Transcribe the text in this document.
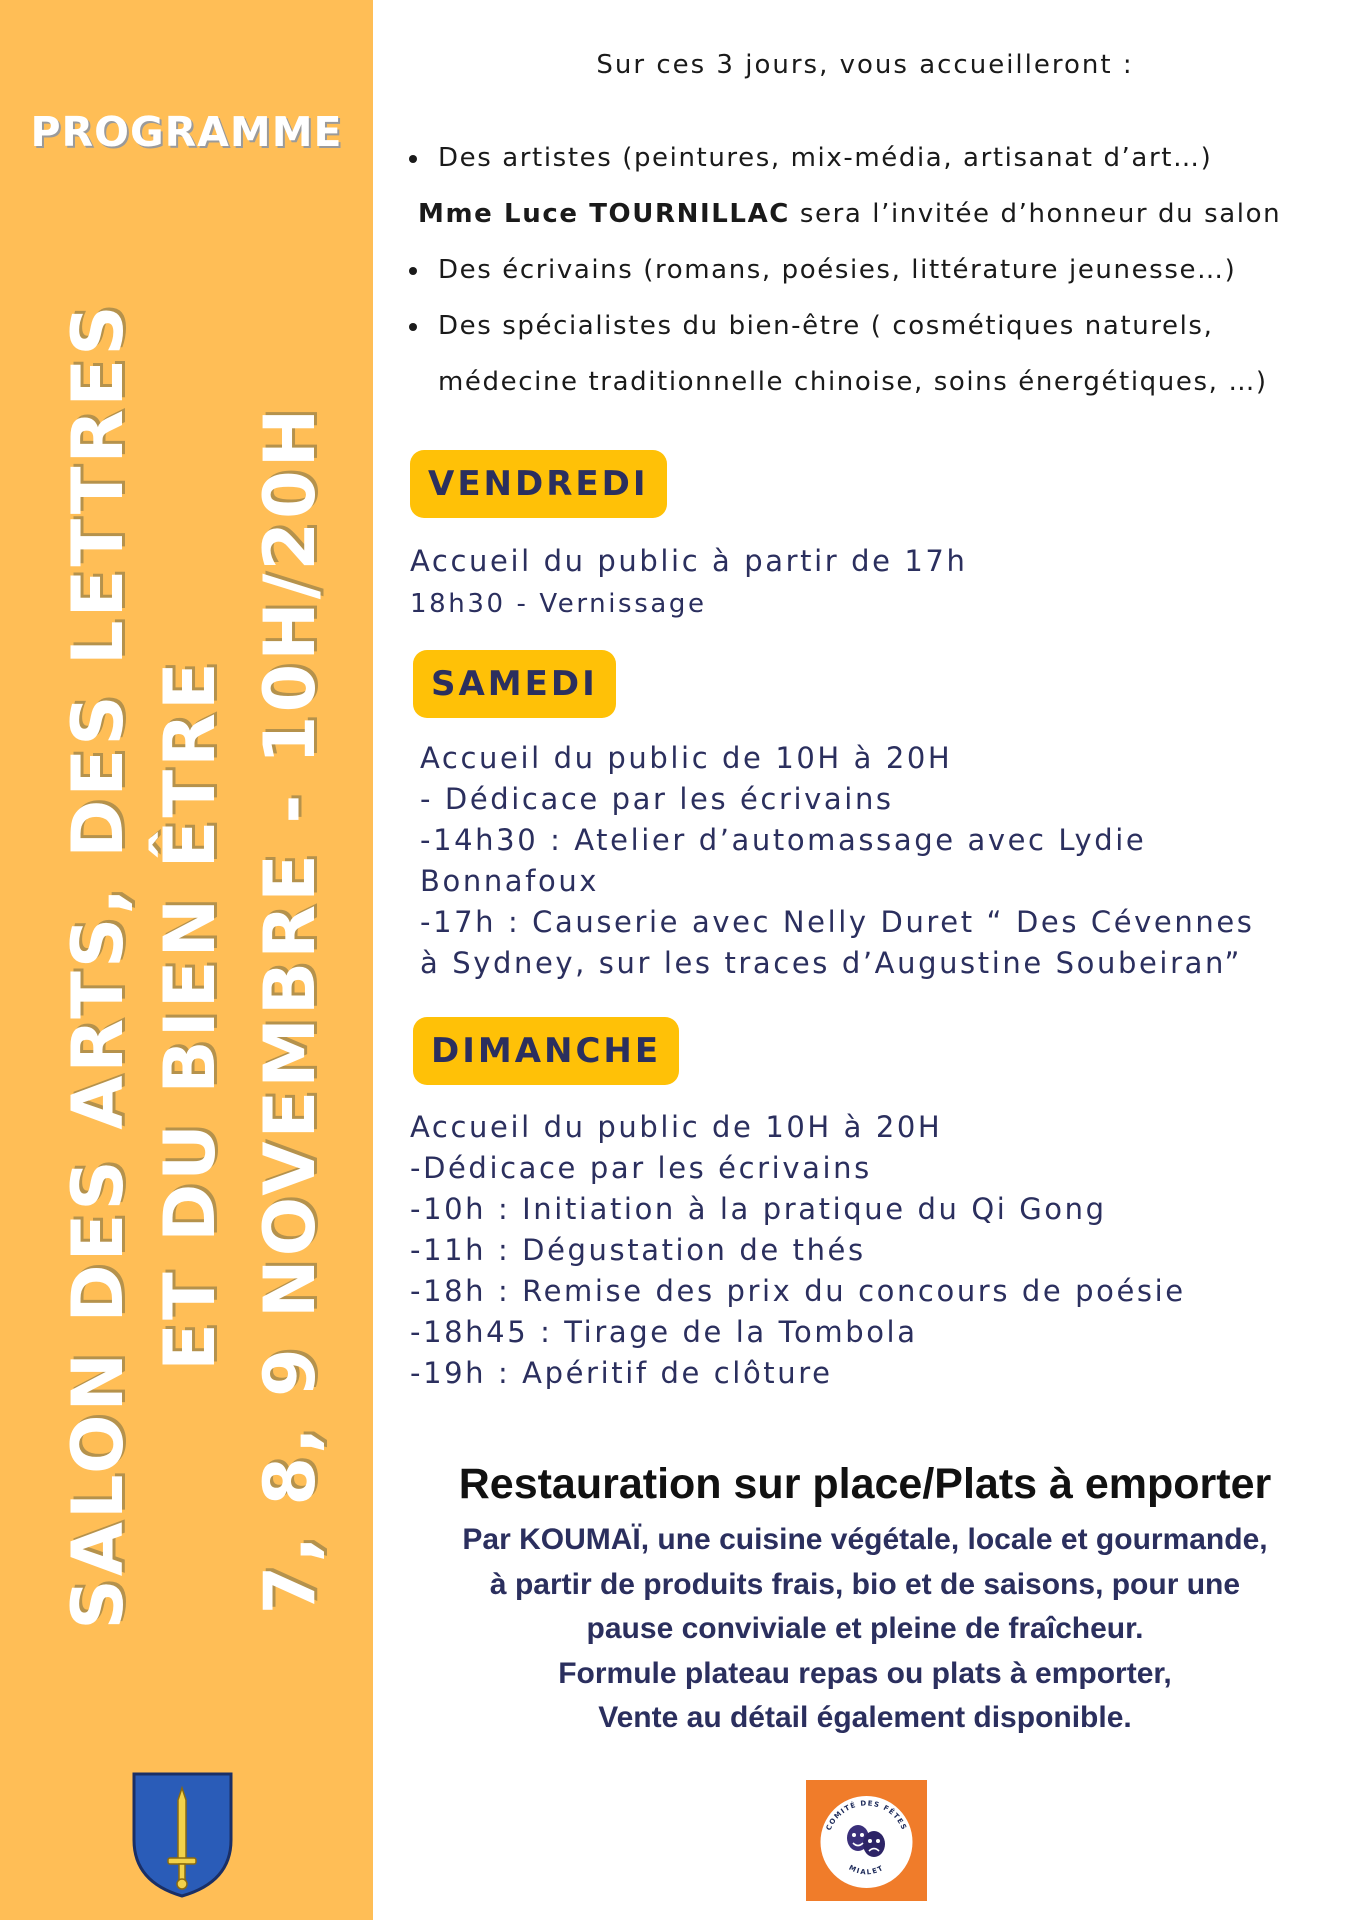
PROGRAMME
SALON DES ARTS, DES LETTRES ET DU BIEN ÊTRE 7, 8, 9 NOVEMBRE - 10H/20H
Sur ces 3 jours, vous accueilleront :
Des artistes (peintures, mix-média, artisanat d’art…)
Mme Luce TOURNILLAC sera l’invitée d’honneur du salon
Des écrivains (romans, poésies, littérature jeunesse…)
Des spécialistes du bien-être ( cosmétiques naturels,
médecine traditionnelle chinoise, soins énergétiques, …)
VENDREDI
Accueil du public à partir de 17h
18h30 - Vernissage
SAMEDI
Accueil du public de 10H à 20H
- Dédicace par les écrivains
-14h30 : Atelier d’automassage avec Lydie
Bonnafoux
-17h : Causerie avec Nelly Duret “ Des Cévennes
à Sydney, sur les traces d’Augustine Soubeiran”
DIMANCHE
Accueil du public de 10H à 20H
-Dédicace par les écrivains
-10h : Initiation à la pratique du Qi Gong
-11h : Dégustation de thés
-18h : Remise des prix du concours de poésie
-18h45 : Tirage de la Tombola
-19h : Apéritif de clôture
Restauration sur place/Plats à emporter
Par KOUMAÏ, une cuisine végétale, locale et gourmande,
à partir de produits frais, bio et de saisons, pour une
pause conviviale et pleine de fraîcheur.
Formule plateau repas ou plats à emporter,
Vente au détail également disponible.
COMITÉ DES FÊTES
MIALET
